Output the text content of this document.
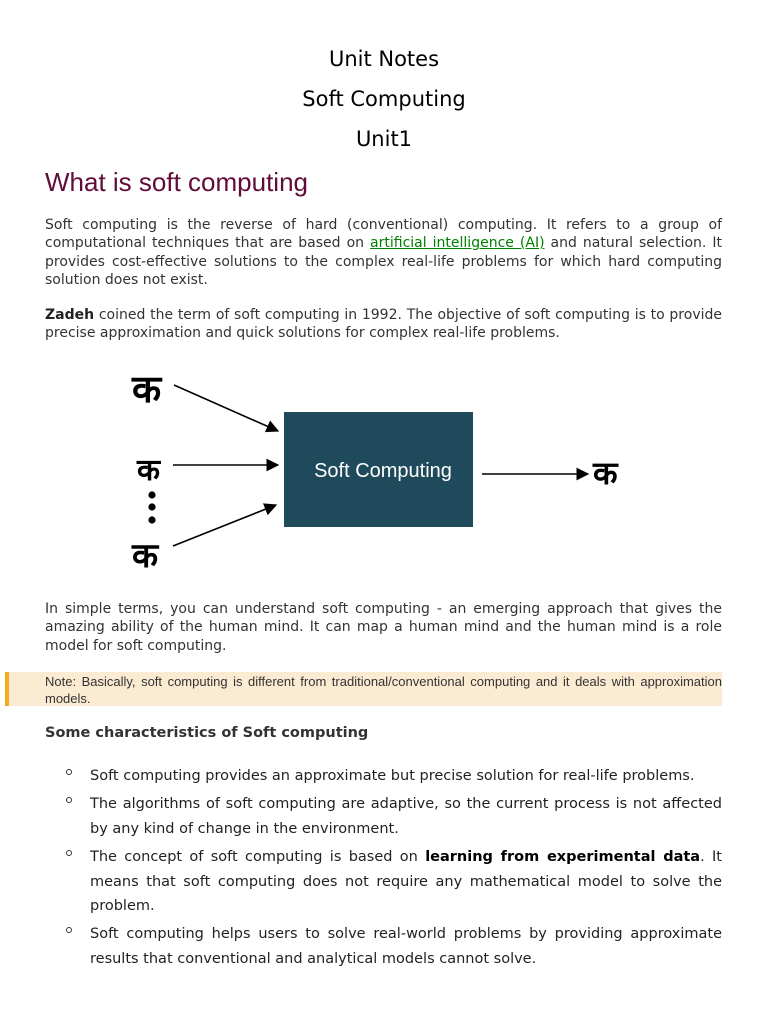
Unit Notes
Soft Computing
Unit1
What is soft computing
Soft computing is the reverse of hard (conventional) computing. It refers to a group of computational techniques that are based on artificial intelligence (AI) and natural selection. It provides cost-effective solutions to the complex real-life problems for which hard computing solution does not exist.
Zadeh coined the term of soft computing in 1992. The objective of soft computing is to provide precise approximation and quick solutions for complex real-life problems.
क
क
क
Soft Computing	क
In simple terms, you can understand soft computing - an emerging approach that gives the amazing ability of the human mind. It can map a human mind and the human mind is a role model for soft computing.
Note: Basically, soft computing is different from traditional/conventional computing and it deals with approximation models.
Some characteristics of Soft computing
Soft computing provides an approximate but precise solution for real-life problems.
The algorithms of soft computing are adaptive, so the current process is not affected by any kind of change in the environment.
The concept of soft computing is based on learning from experimental data. It means that soft computing does not require any mathematical model to solve the problem.
Soft computing helps users to solve real-world problems by providing approximate results that conventional and analytical models cannot solve.
